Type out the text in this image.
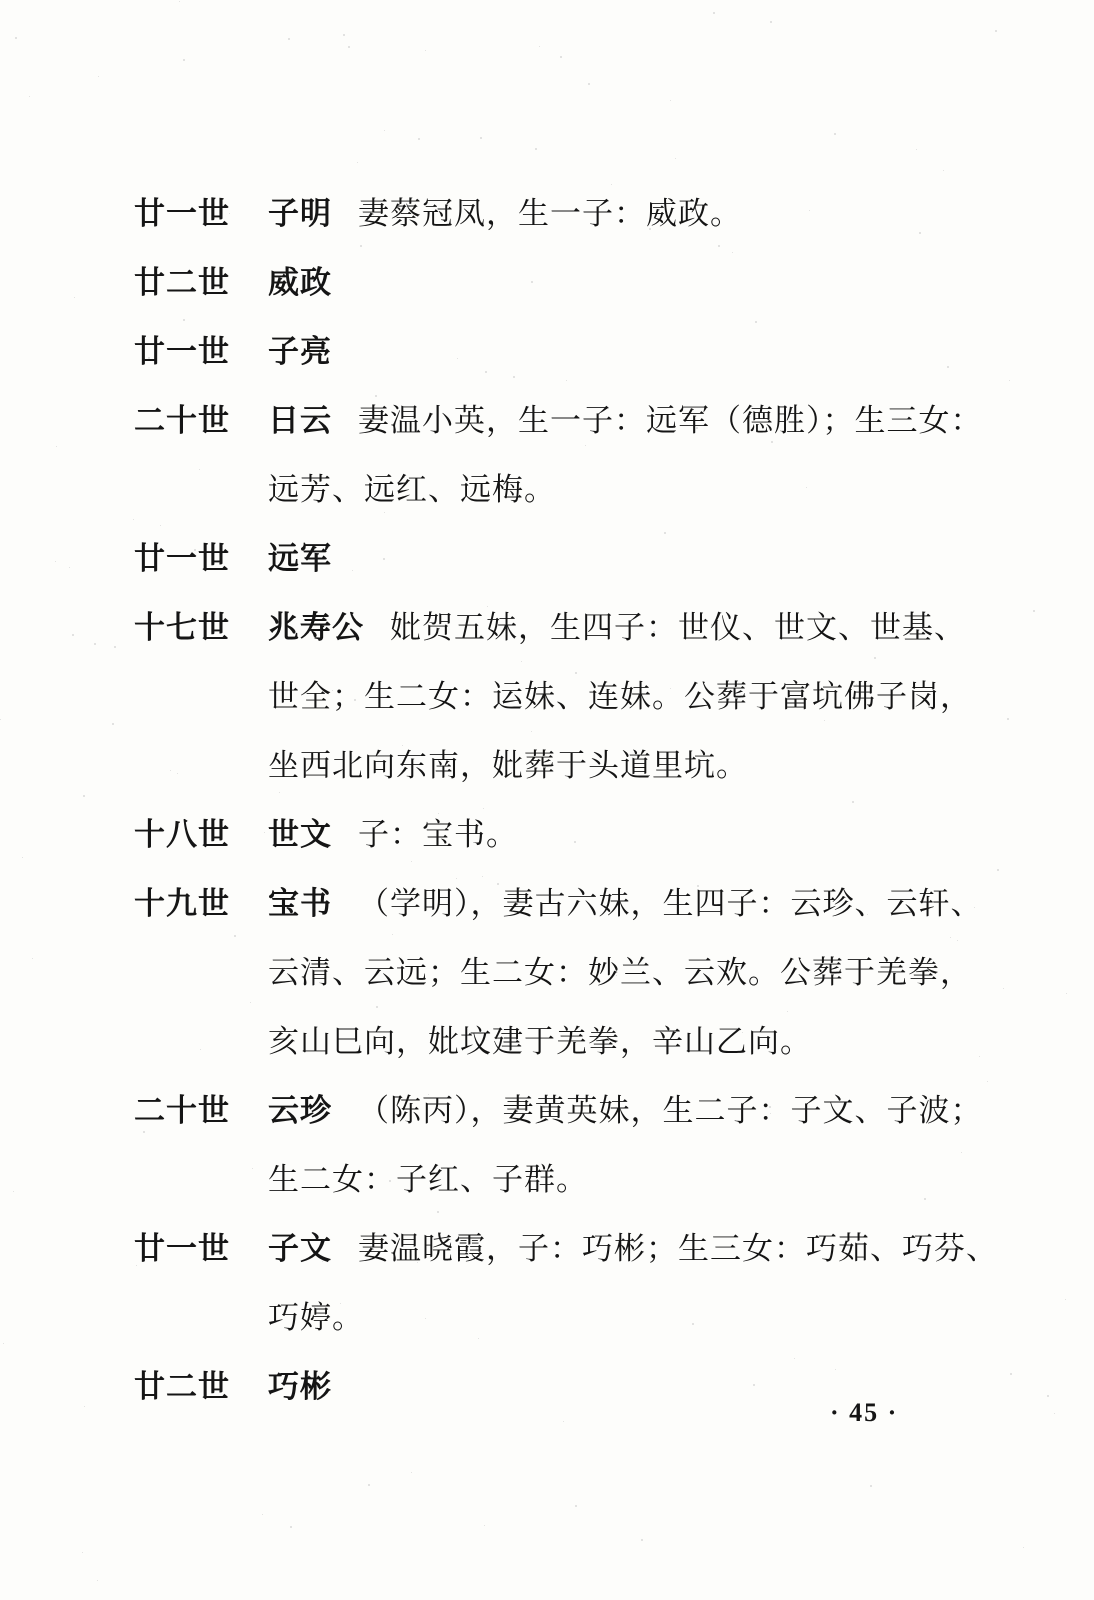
廿一世	子明 妻蔡冠凤，生一子：威政。
廿二世	威政
廿一世	子亮
二十世	日云 妻温小英，生一子：远军（德胜）；生三女：
远芳、远红、远梅。
廿一世	远军
十七世	兆寿公 妣贺五妹，生四子：世仪、世文、世基、
世全；生二女：运妹、连妹。公葬于富坑佛子岗，
坐西北向东南，妣葬于头道里坑。
十八世	世文 子：宝书。
十九世	宝书 （学明），妻古六妹，生四子：云珍、云轩、
云清、云远；生二女：妙兰、云欢。公葬于羌拳，
亥山巳向，妣坟建于羌拳，辛山乙向。
二十世	云珍 （陈丙），妻黄英妹，生二子：子文、子波；
生二女：子红、子群。
廿一世	子文 妻温晓霞，子：巧彬；生三女：巧茹、巧芬、
巧婷。
廿二世	巧彬
· 45 ·
